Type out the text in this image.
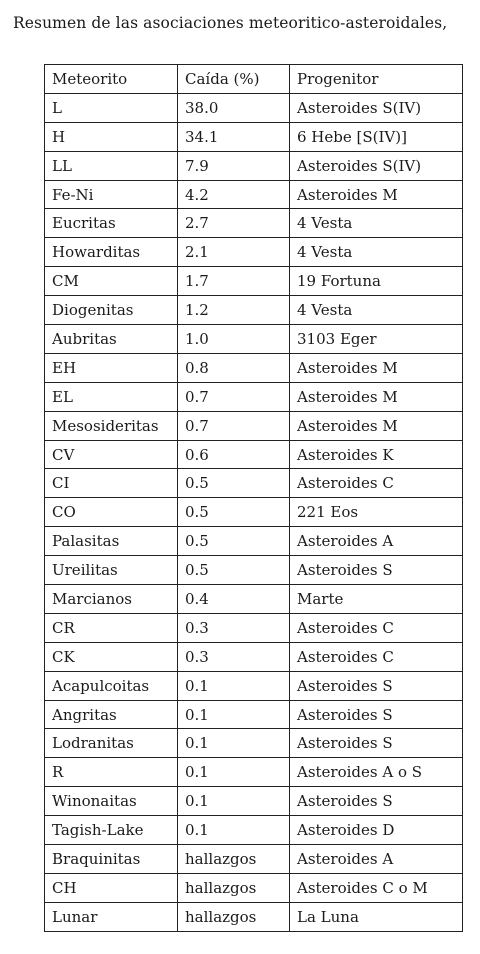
Resumen de las asociaciones meteoritico-asteroidales,
Meteorito	Caída (%)	Progenitor
L	38.0	Asteroides S(IV)
H	34.1	6 Hebe [S(IV)]
LL	7.9	Asteroides S(IV)
Fe-Ni	4.2	Asteroides M
Eucritas	2.7	4 Vesta
Howarditas	2.1	4 Vesta
CM	1.7	19 Fortuna
Diogenitas	1.2	4 Vesta
Aubritas	1.0	3103 Eger
EH	0.8	Asteroides M
EL	0.7	Asteroides M
Mesosideritas	0.7	Asteroides M
CV	0.6	Asteroides K
CI	0.5	Asteroides C
CO	0.5	221 Eos
Palasitas	0.5	Asteroides A
Ureilitas	0.5	Asteroides S
Marcianos	0.4	Marte
CR	0.3	Asteroides C
CK	0.3	Asteroides C
Acapulcoitas	0.1	Asteroides S
Angritas	0.1	Asteroides S
Lodranitas	0.1	Asteroides S
R	0.1	Asteroides A o S
Winonaitas	0.1	Asteroides S
Tagish-Lake	0.1	Asteroides D
Braquinitas	hallazgos	Asteroides A
CH	hallazgos	Asteroides C o M
Lunar	hallazgos	La Luna
